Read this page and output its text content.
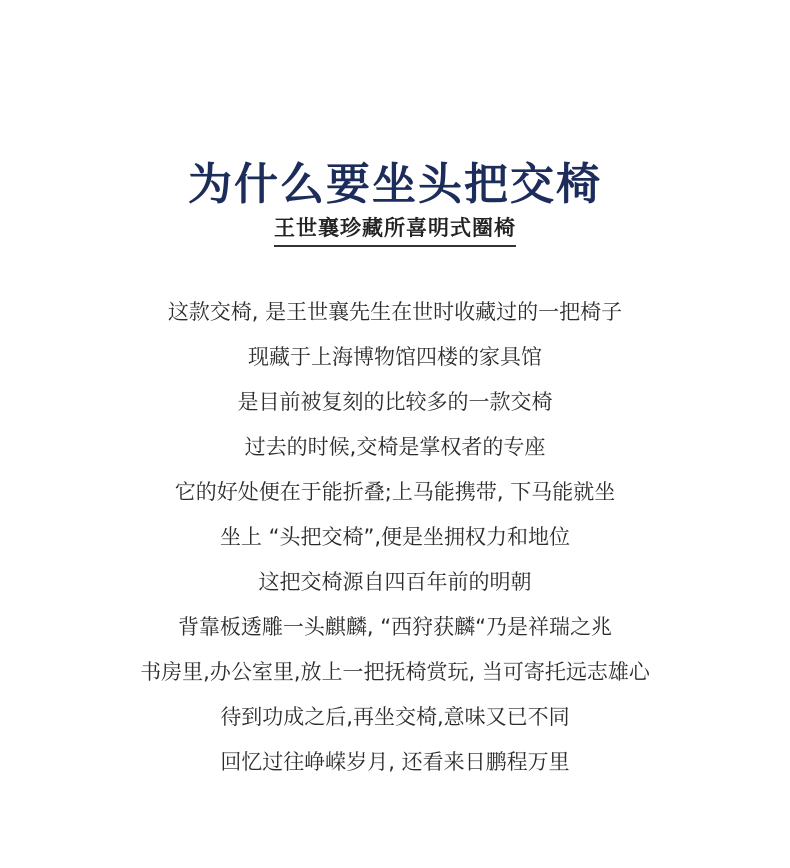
为什么要坐头把交椅
王世襄珍藏所喜明式圈椅
这款交椅, 是王世襄先生在世时收藏过的一把椅子
现藏于上海博物馆四楼的家具馆
是目前被复刻的比较多的一款交椅
过去的时候,交椅是掌权者的专座
它的好处便在于能折叠;上马能携带, 下马能就坐
坐上 “头把交椅”,便是坐拥权力和地位
这把交椅源自四百年前的明朝
背靠板透雕一头麒麟, “西狩获麟“乃是祥瑞之兆
书房里,办公室里,放上一把抚椅赏玩, 当可寄托远志雄心
待到功成之后,再坐交椅,意味又已不同
回忆过往峥嵘岁月, 还看来日鹏程万里
